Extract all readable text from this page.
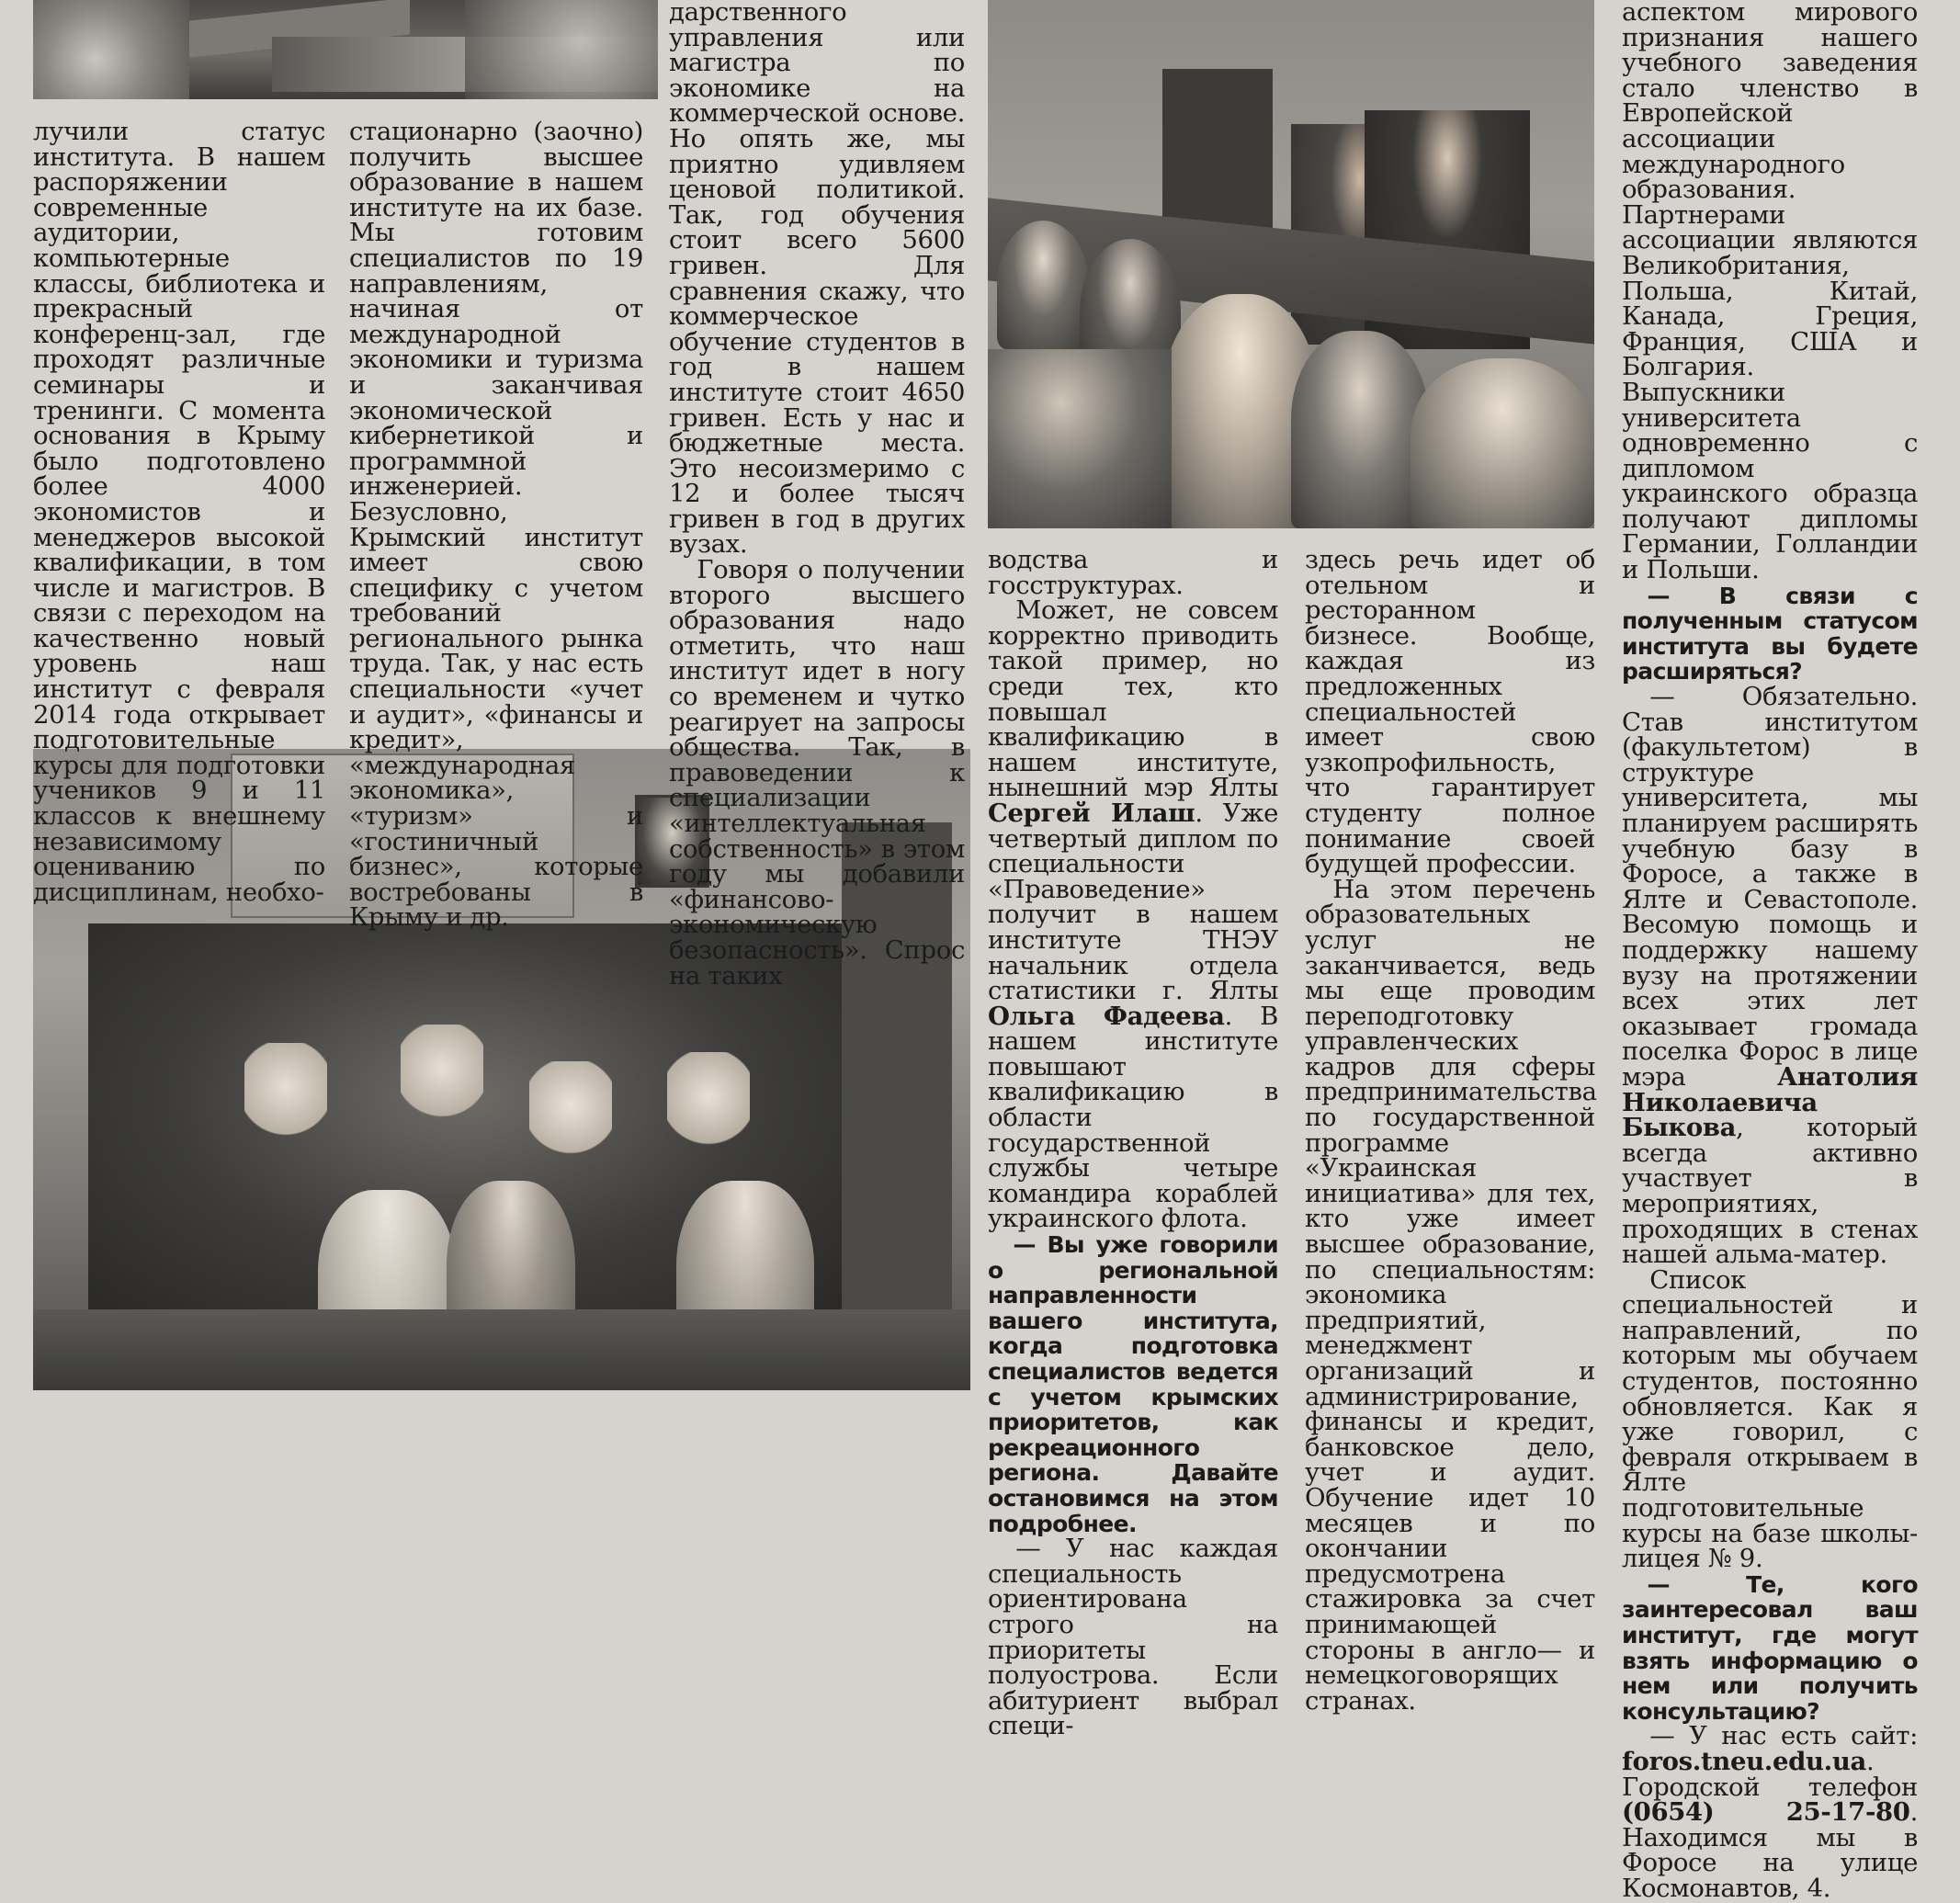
лучили статус института. В нашем распоряжении современные аудитории, компьютерные классы, библиотека и прекрасный конференц-зал, где проходят различные семинары и тренинги. С момента основания в Крыму было подготовлено более 4000 экономистов и менеджеров высокой квалификации, в том числе и магистров. В связи с переходом на качественно новый уровень наш институт с февраля 2014 года открывает подготовительные курсы для подготовки учеников 9 и 11 классов к внешнему независимому оцениванию по дисциплинам, необхо-

стационарно (заочно) получить высшее образование в нашем институте на их базе. Мы готовим специалистов по 19 направлениям, начиная от международной экономики и туризма и заканчивая экономической кибернетикой и программной инженерией. Безусловно, Крымский институт имеет свою специфику с учетом требований регионального рынка труда. Так, у нас есть специальности «учет и аудит», «финансы и кредит», «международная экономика», «туризм» и «гостиничный бизнес», которые востребованы в Крыму и др.

дарственного управления или магистра по экономике на коммерческой основе. Но опять же, мы приятно удивляем ценовой политикой. Так, год обучения стоит всего 5600 гривен. Для сравнения скажу, что коммерческое обучение студентов в год в нашем институте стоит 4650 гривен. Есть у нас и бюджетные места. Это несоизмеримо с 12 и более тысяч гривен в год в других вузах.

Говоря о получении второго высшего образования надо отметить, что наш институт идет в ногу со временем и чутко реагирует на запросы общества. Так, в правоведении к специализации «интеллектуальная собственность» в этом году мы добавили «финансово-экономическую безопасность». Спрос на таких

водства и госструктурах.

Может, не совсем корректно приводить такой пример, но среди тех, кто повышал квалификацию в нашем институте, нынешний мэр Ялты Сергей Илаш. Уже четвертый диплом по специальности «Правоведение» получит в нашем институте ТНЭУ начальник отдела статистики г. Ялты Ольга Фадеева. В нашем институте повышают квалификацию в области государственной службы четыре командира кораблей украинского флота.

— Вы уже говорили о региональной направленности вашего института, когда подготовка специалистов ведется с учетом крымских приоритетов, как рекреационного региона. Давайте остановимся на этом подробнее.

— У нас каждая специальность ориентирована строго на приоритеты полуострова. Если абитуриент выбрал специ-

здесь речь идет об отельном и ресторанном бизнесе. Вообще, каждая из предложенных специальностей имеет свою узкопрофильность, что гарантирует студенту полное понимание своей будущей профессии.

На этом перечень образовательных услуг не заканчивается, ведь мы еще проводим переподготовку управленческих кадров для сферы предпринимательства по государственной программе «Украинская инициатива» для тех, кто уже имеет высшее образование, по специальностям: экономика предприятий, менеджмент организаций и администрирование, финансы и кредит, банковское дело, учет и аудит. Обучение идет 10 месяцев и по окончании предусмотрена стажировка за счет принимающей стороны в англо— и немецкоговорящих странах.

аспектом мирового признания нашего учебного заведения стало членство в Европейской ассоциации международного образования. Партнерами ассоциации являются Великобритания, Польша, Китай, Канада, Греция, Франция, США и Болгария. Выпускники университета одновременно с дипломом украинского образца получают дипломы Германии, Голландии и Польши.

— В связи с полученным статусом института вы будете расширяться?

— Обязательно. Став институтом (факультетом) в структуре университета, мы планируем расширять учебную базу в Форосе, а также в Ялте и Севастополе. Весомую помощь и поддержку нашему вузу на протяжении всех этих лет оказывает громада поселка Форос в лице мэра Анатолия Николаевича Быкова, который всегда активно участвует в мероприятиях, проходящих в стенах нашей альма-матер.

Список специальностей и направлений, по которым мы обучаем студентов, постоянно обновляется. Как я уже говорил, с февраля открываем в Ялте подготовительные курсы на базе школы-лицея № 9.

— Те, кого заинтересовал ваш институт, где могут взять информацию о нем или получить консультацию?

— У нас есть сайт: foros.tneu.edu.ua. Городской телефон (0654) 25-17-80. Находимся мы в Форосе на улице Космонавтов, 4.
